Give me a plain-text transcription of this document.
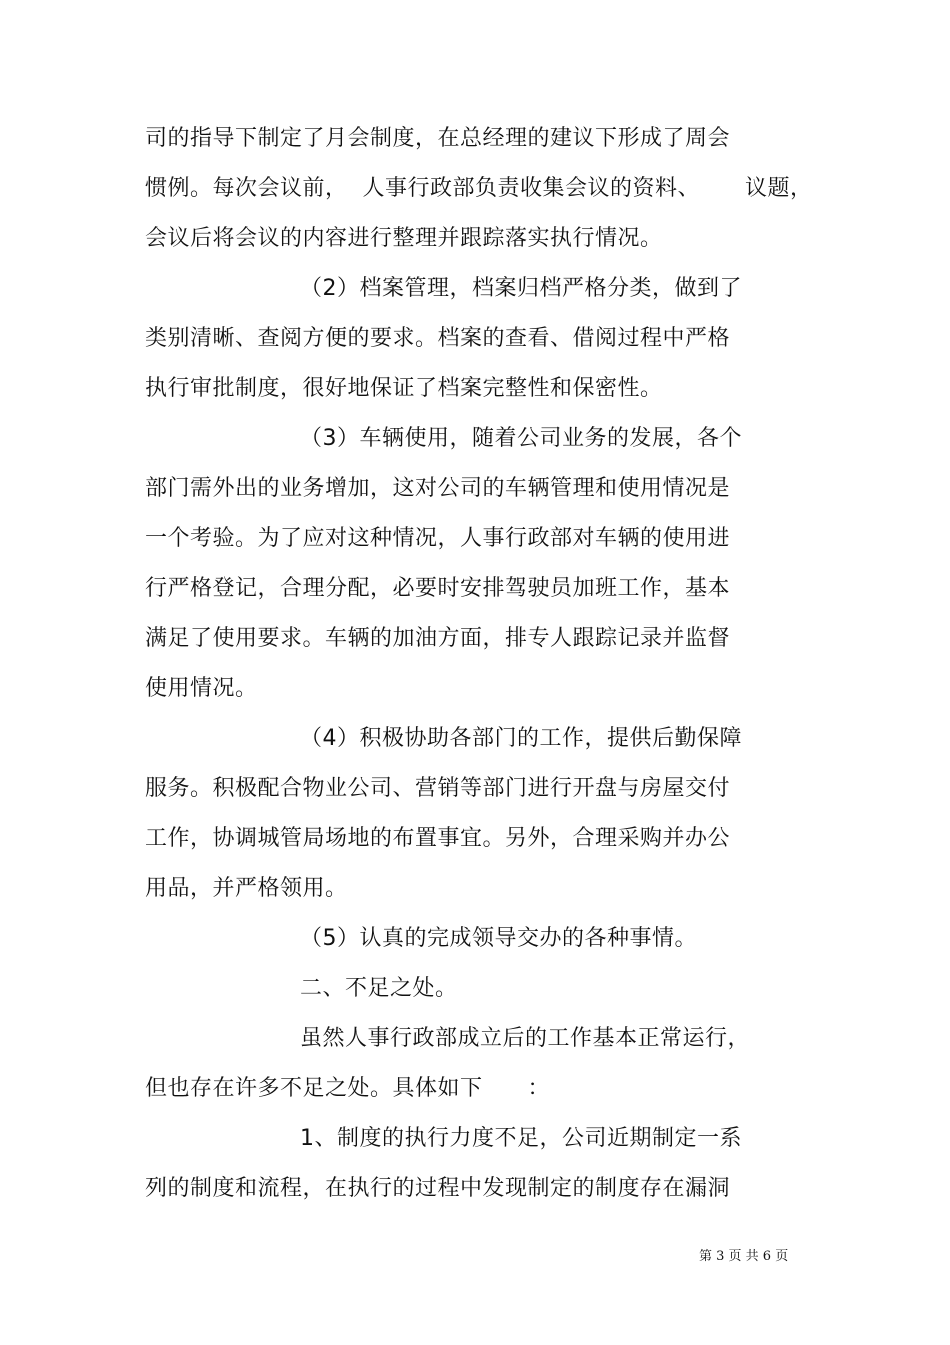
司的指导下制定了月会制度，在总经理的建议下形成了周会
惯例。每次会议前，  人事行政部负责收集会议的资料、      议题，
会议后将会议的内容进行整理并跟踪落实执行情况。
（2）档案管理，档案归档严格分类，做到了
类别清晰、查阅方便的要求。档案的查看、借阅过程中严格
执行审批制度，很好地保证了档案完整性和保密性。
（3）车辆使用，随着公司业务的发展，各个
部门需外出的业务增加，这对公司的车辆管理和使用情况是
一个考验。为了应对这种情况，人事行政部对车辆的使用进
行严格登记，合理分配，必要时安排驾驶员加班工作，基本
满足了使用要求。车辆的加油方面，排专人跟踪记录并监督
使用情况。
（4）积极协助各部门的工作，提供后勤保障
服务。积极配合物业公司、营销等部门进行开盘与房屋交付
工作，协调城管局场地的布置事宜。另外，合理采购并办公
用品，并严格领用。
（5）认真的完成领导交办的各种事情。
二、不足之处。
虽然人事行政部成立后的工作基本正常运行，
但也存在许多不足之处。具体如下      ：
1、制度的执行力度不足，公司近期制定一系
列的制度和流程，在执行的过程中发现制定的制度存在漏洞
第 3 页 共 6 页
